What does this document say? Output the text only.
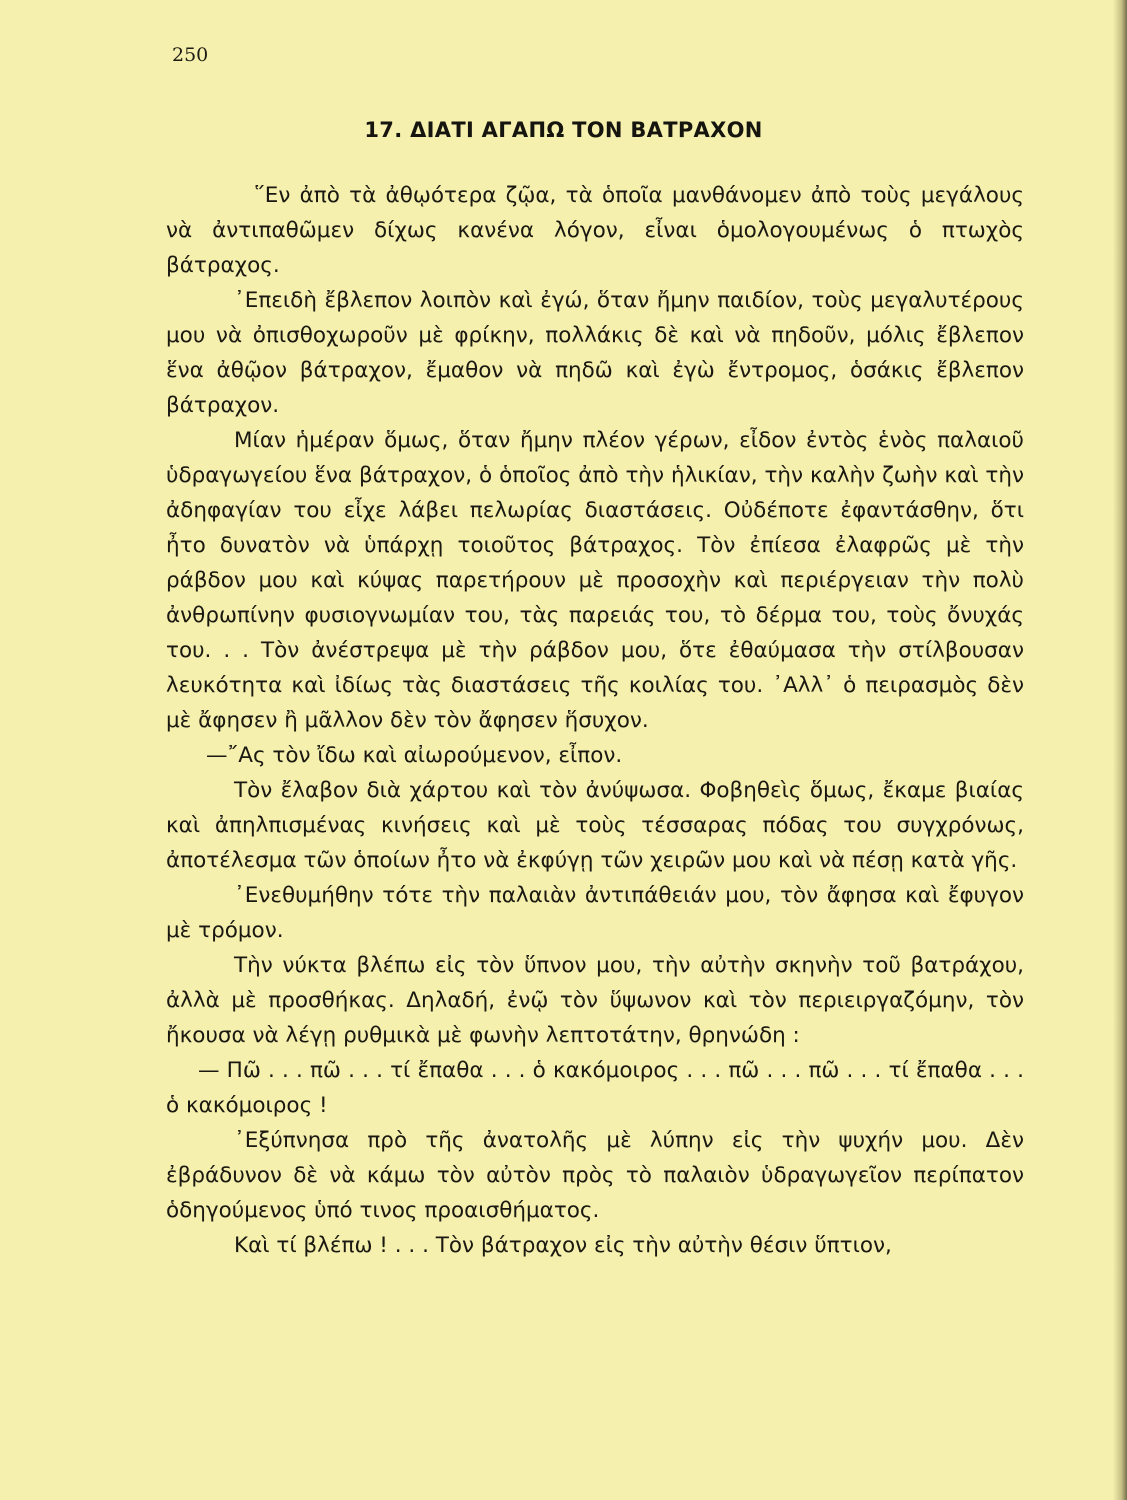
250
17. ΔΙΑΤΙ ΑΓΑΠΩ ΤΟΝ ΒΑΤΡΑΧΟΝ

῞Εν ἀπὸ τὰ ἀθῳότερα ζῷα, τὰ ὁποῖα μανθάνομεν ἀπὸ τοὺς μεγάλους νὰ ἀντιπαθῶμεν δίχως κανένα λόγον, εἶναι ὁμολογουμένως ὁ πτωχὸς βάτραχος.

᾿Επειδὴ ἔβλεπον λοιπὸν καὶ ἐγώ, ὅταν ἤμην παιδίον, τοὺς μεγαλυτέρους μου νὰ ὀπισθοχωροῦν μὲ φρίκην, πολλάκις δὲ καὶ νὰ πηδοῦν, μόλις ἔβλεπον ἕνα ἀθῷον βάτραχον, ἔμαθον νὰ πηδῶ καὶ ἐγὼ ἔντρομος, ὁσάκις ἔβλεπον βάτραχον.

Μίαν ἡμέραν ὅμως, ὅταν ἤμην πλέον γέρων, εἶδον ἐντὸς ἑνὸς παλαιοῦ ὑδραγωγείου ἕνα βάτραχον, ὁ ὁποῖος ἀπὸ τὴν ἡλικίαν, τὴν καλὴν ζωὴν καὶ τὴν ἀδηφαγίαν του εἶχε λάβει πελωρίας διαστάσεις. Οὐδέποτε ἐφαντάσθην, ὅτι ἦτο δυνατὸν νὰ ὑπάρχῃ τοιοῦτος βάτραχος. Τὸν ἐπίεσα ἐλαφρῶς μὲ τὴν ράβδον μου καὶ κύψας παρετήρουν μὲ προσοχὴν καὶ περιέργειαν τὴν πολὺ ἀνθρωπίνην φυσιογνωμίαν του, τὰς παρειάς του, τὸ δέρμα του, τοὺς ὄνυχάς του. . . Τὸν ἀνέστρεψα μὲ τὴν ράβδον μου, ὅτε ἐθαύμασα τὴν στίλβουσαν λευκότητα καὶ ἰδίως τὰς διαστάσεις τῆς κοιλίας του. ᾿Αλλ᾿ ὁ πειρασμὸς δὲν μὲ ἄφησεν ἢ μᾶλλον δὲν τὸν ἄφησεν ἥσυχον.

—῎Ας τὸν ἴδω καὶ αἰωρούμενον, εἶπον.

Τὸν ἔλαβον διὰ χάρτου καὶ τὸν ἀνύψωσα. Φοβηθεὶς ὅμως, ἔκαμε βιαίας καὶ ἀπηλπισμένας κινήσεις καὶ μὲ τοὺς τέσσαρας πόδας του συγχρόνως, ἀποτέλεσμα τῶν ὁποίων ἦτο νὰ ἐκφύγῃ τῶν χειρῶν μου καὶ νὰ πέσῃ κατὰ γῆς.

᾿Ενεθυμήθην τότε τὴν παλαιὰν ἀντιπάθειάν μου, τὸν ἄφησα καὶ ἔφυγον μὲ τρόμον.

Τὴν νύκτα βλέπω εἰς τὸν ὕπνον μου, τὴν αὐτὴν σκηνὴν τοῦ βατράχου, ἀλλὰ μὲ προσθήκας. Δηλαδή, ἐνῷ τὸν ὕψωνον καὶ τὸν περιειργαζόμην, τὸν ἤκουσα νὰ λέγῃ ρυθμικὰ μὲ φωνὴν λεπτοτάτην, θρηνώδη :

— Πῶ . . . πῶ . . . τί ἔπαθα . . . ὁ κακόμοιρος . . . πῶ . . . πῶ . . . τί ἔπαθα . . . ὁ κακόμοιρος !

᾿Εξύπνησα πρὸ τῆς ἀνατολῆς μὲ λύπην εἰς τὴν ψυχήν μου. Δὲν ἐβράδυνον δὲ νὰ κάμω τὸν αὐτὸν πρὸς τὸ παλαιὸν ὑδραγωγεῖον περίπατον ὁδηγούμενος ὑπό τινος προαισθήματος.

Καὶ τί βλέπω ! . . . Τὸν βάτραχον εἰς τὴν αὐτὴν θέσιν ὕπτιον,
